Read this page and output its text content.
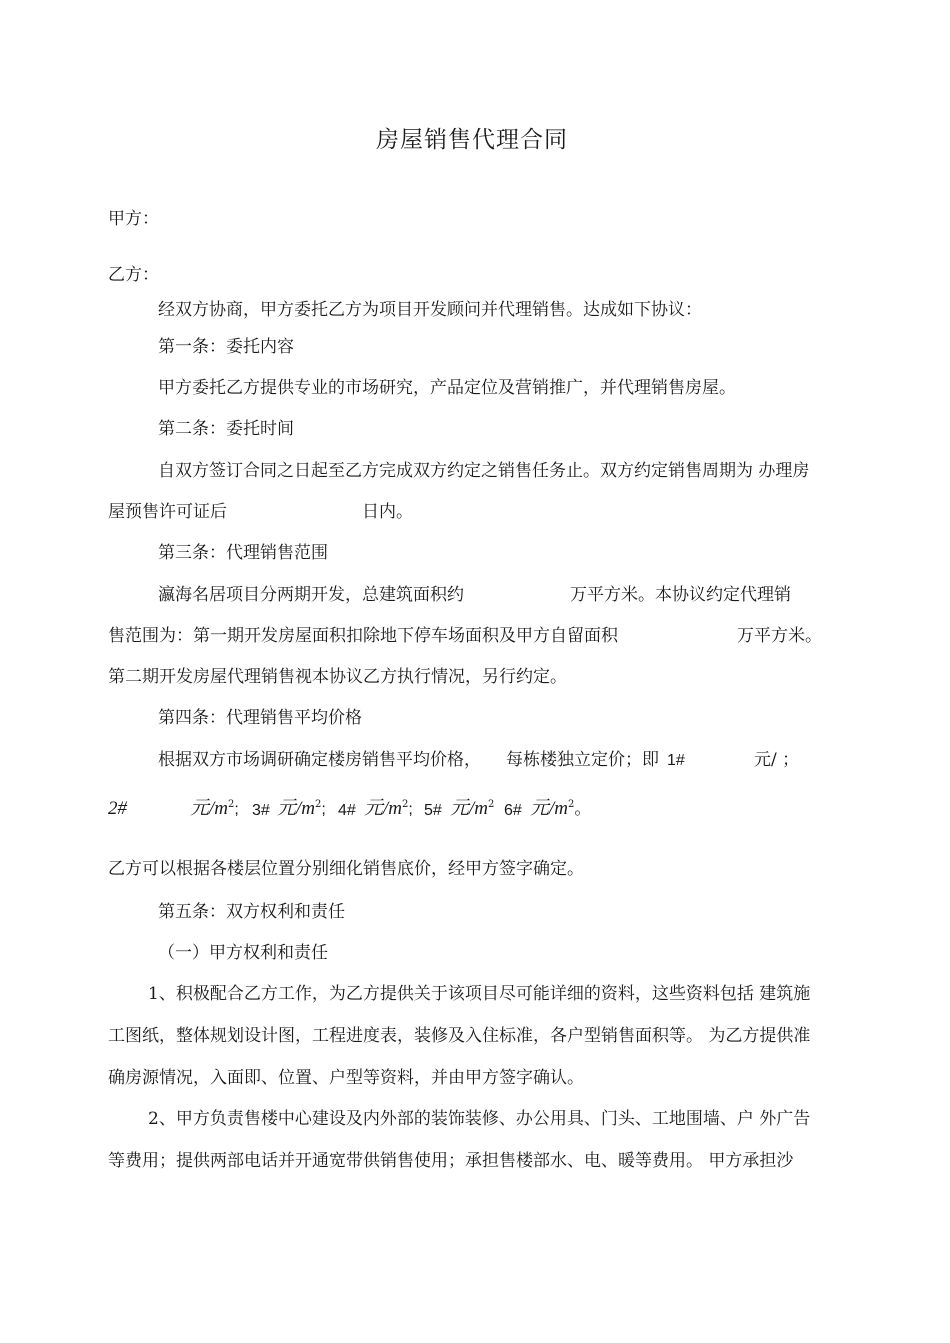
房屋销售代理合同
甲方：
乙方：
经双方协商，甲方委托乙方为项目开发顾问并代理销售。达成如下协议：
第一条：委托内容
甲方委托乙方提供专业的市场研究，产品定位及营销推广，并代理销售房屋。
第二条：委托时间
自双方签订合同之日起至乙方完成双方约定之销售任务止。双方约定销售周期为 办理房
屋预售许可证后	日内。
第三条：代理销售范围
瀛海名居项目分两期开发，总建筑面积约	万平方米。本协议约定代理销
售范围为：第一期开发房屋面积扣除地下停车场面积及甲方自留面积	万平方米。
第二期开发房屋代理销售视本协议乙方执行情况，另行约定。
第四条：代理销售平均价格
根据双方市场调研确定楼房销售平均价格， 每栋楼独立定价；即 1#	元/ ；
2#	元$/m^2$; 3# 元$/m^2$; 4# 元$/m^2$; 5# 元$/m^2$ 6# 元$/m^2$。
乙方可以根据各楼层位置分别细化销售底价，经甲方签字确定。
第五条：双方权利和责任
（一）甲方权利和责任
1、积极配合乙方工作，为乙方提供关于该项目尽可能详细的资料，这些资料包括 建筑施
工图纸，整体规划设计图，工程进度表，装修及入住标准，各户型销售面积等。 为乙方提供准
确房源情况，入面即、位置、户型等资料，并由甲方签字确认。
2、甲方负责售楼中心建设及内外部的装饰装修、办公用具、门头、工地围墙、户 外广告
等费用；提供两部电话并开通宽带供销售使用；承担售楼部水、电、暖等费用。 甲方承担沙
